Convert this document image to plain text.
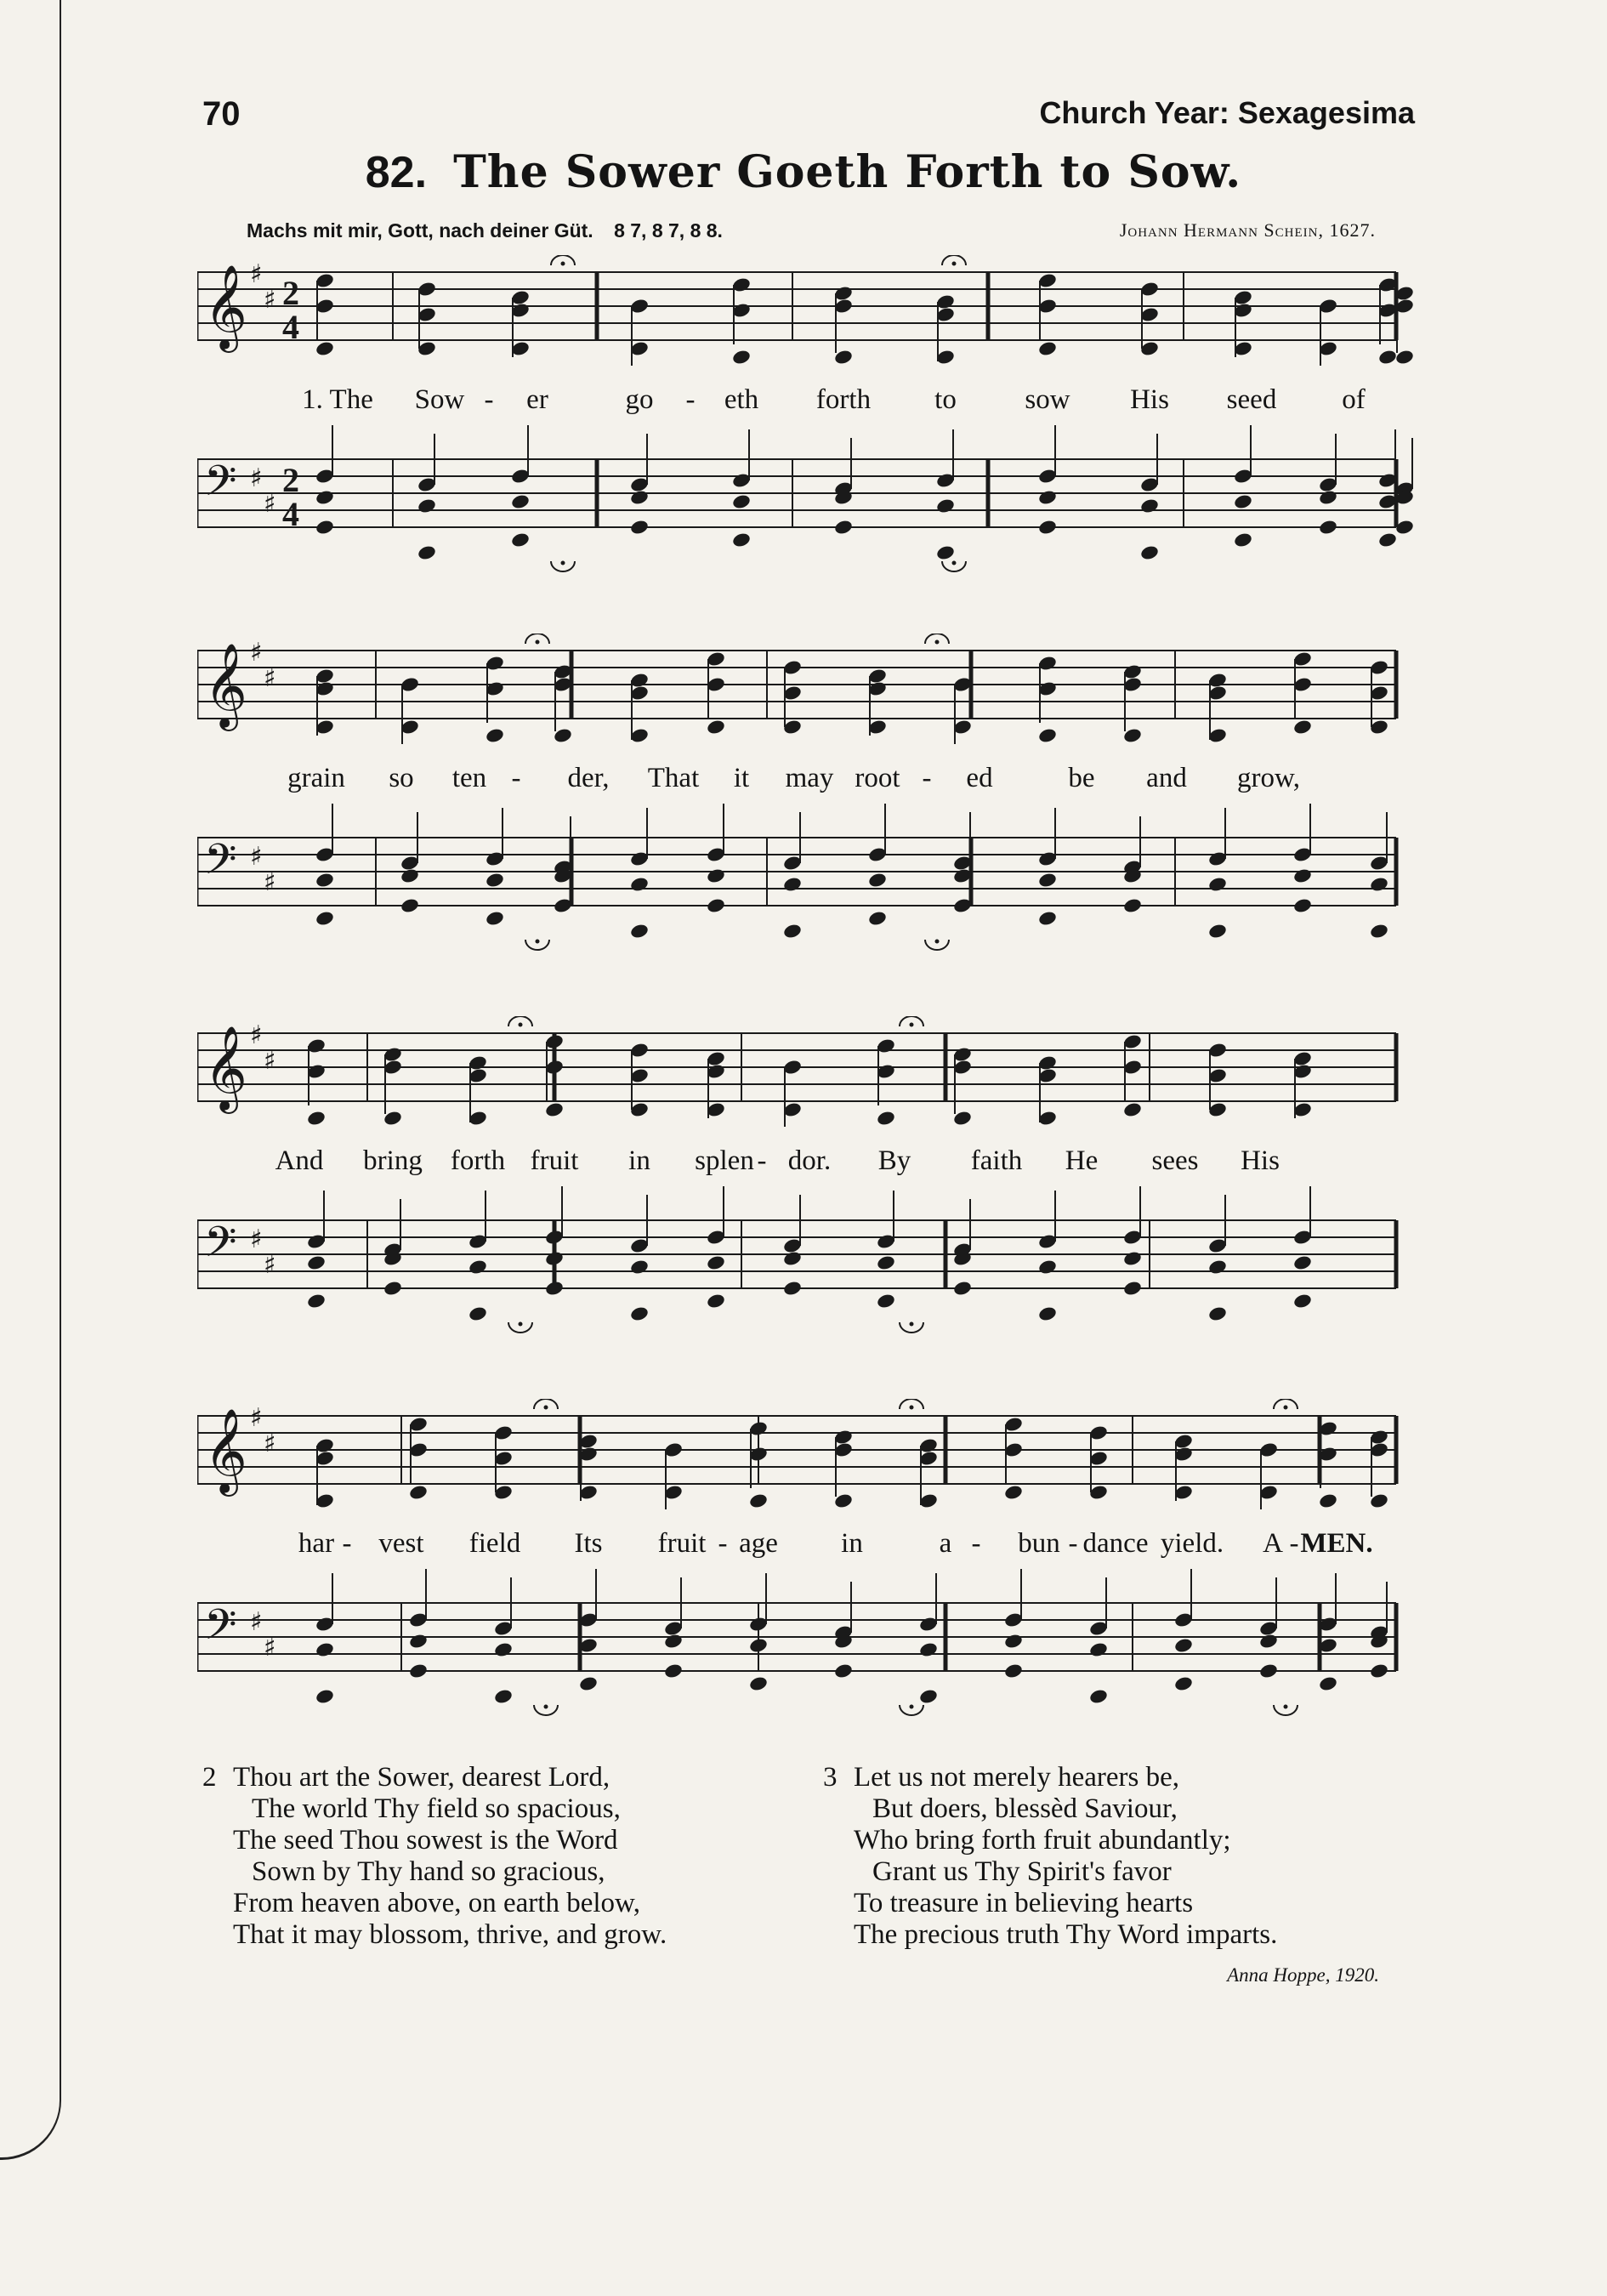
70	Church Year: Sexagesima
82. The Sower Goeth Forth to Sow.
Machs mit mir, Gott, nach deiner Güt. 8 7, 8 7, 8 8.	Johann Hermann Schein, 1627.
𝄞 ♯
♯
𝄢 ♯
♯
2
4
2
4
1. The Sow - er	go - eth forth to sow His seed of
𝄞 ♯
♯
𝄢 ♯
♯
grain so ten - der, That it may root - ed	be and grow,
𝄞 ♯
♯
𝄢 ♯
♯
And bring forth fruit in splen - dor. By faith He sees His
𝄞 ♯
♯
𝄢 ♯
♯
har - vest field Its fruit - age in	a - bun - dance yield. A - MEN.
2 Thou art the Sower, dearest Lord,
The world Thy field so spacious,
The seed Thou sowest is the Word
Sown by Thy hand so gracious,
From heaven above, on earth below,
That it may blossom, thrive, and grow.
3 Let us not merely hearers be,
But doers, blessèd Saviour,
Who bring forth fruit abundantly;
Grant us Thy Spirit's favor
To treasure in believing hearts
The precious truth Thy Word imparts.
Anna Hoppe, 1920.
